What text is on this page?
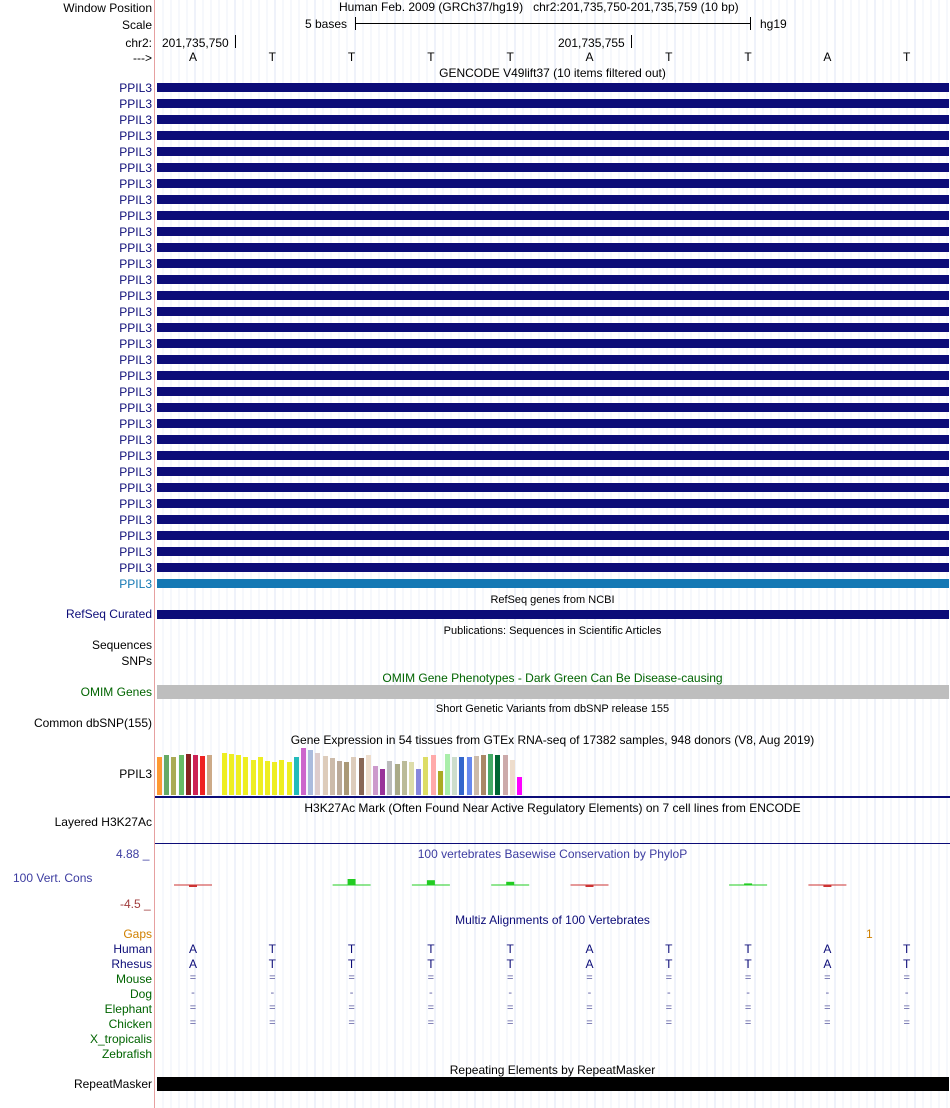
Window Position
Scale
chr2:
--->
Human Feb. 2009 (GRCh37/hg19) chr2:201,735,750-201,735,759 (10 bp)
5 bases	hg19
201,735,750	201,735,755
A	T	T	T	T	A	T	T	A	T
GENCODE V49lift37 (10 items filtered out)
PPIL3
PPIL3
PPIL3
PPIL3
PPIL3
PPIL3
PPIL3
PPIL3
PPIL3
PPIL3
PPIL3
PPIL3
PPIL3
PPIL3
PPIL3
PPIL3
PPIL3
PPIL3
PPIL3
PPIL3
PPIL3
PPIL3
PPIL3
PPIL3
PPIL3
PPIL3
PPIL3
PPIL3
PPIL3
PPIL3
PPIL3
PPIL3
RefSeq genes from NCBI
RefSeq Curated
Publications: Sequences in Scientific Articles
Sequences
SNPs
OMIM Gene Phenotypes - Dark Green Can Be Disease-causing
OMIM Genes
Short Genetic Variants from dbSNP release 155
Common dbSNP(155)
Gene Expression in 54 tissues from GTEx RNA-seq of 17382 samples, 948 donors (V8, Aug 2019)
PPIL3
H3K27Ac Mark (Often Found Near Active Regulatory Elements) on 7 cell lines from ENCODE
Layered H3K27Ac
100 vertebrates Basewise Conservation by PhyloP
4.88 _
100 Vert. Cons
-4.5 _
Multiz Alignments of 100 Vertebrates
Gaps	1
Human	A	T	T	T	T	A	T	T	A	T
Rhesus	A	T	T	T	T	A	T	T	A	T
Mouse	=	=	=	=	=	=	=	=	=	=
Dog	-	-	-	-	-	-	-	-	-	-
Elephant	=	=	=	=	=	=	=	=	=	=
Chicken	=	=	=	=	=	=	=	=	=	=
X_tropicalis
Zebrafish
Repeating Elements by RepeatMasker
RepeatMasker
